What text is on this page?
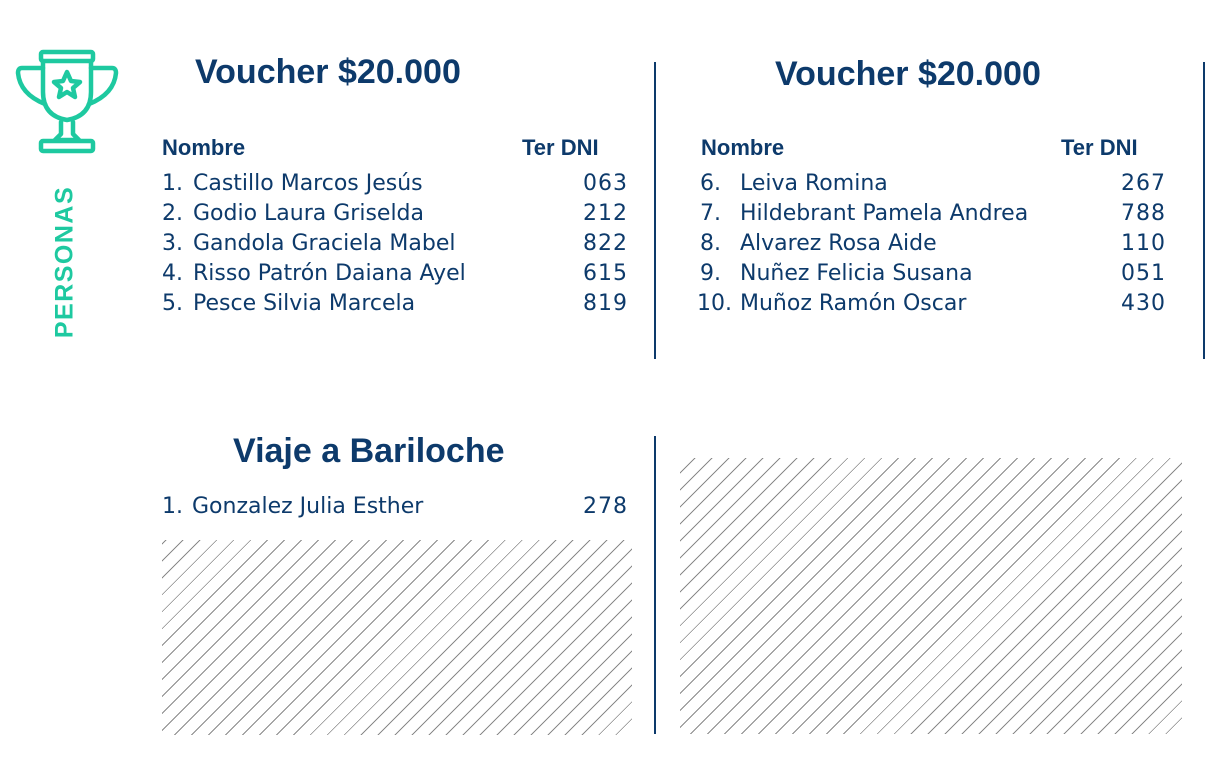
PERSONAS
Voucher $20.000
Nombre	Ter DNI
1. Castillo Marcos Jesús	063
2. Godio Laura Griselda	212
3. Gandola Graciela Mabel	822
4. Risso Patrón Daiana Ayel	615
5. Pesce Silvia Marcela	819
Voucher $20.000
Nombre	Ter DNI
6. Leiva Romina	267
7. Hildebrant Pamela Andrea	788
8. Alvarez Rosa Aide	110
9. Nuñez Felicia Susana	051
10. Muñoz Ramón Oscar	430
Viaje a Bariloche
1. Gonzalez Julia Esther	278
